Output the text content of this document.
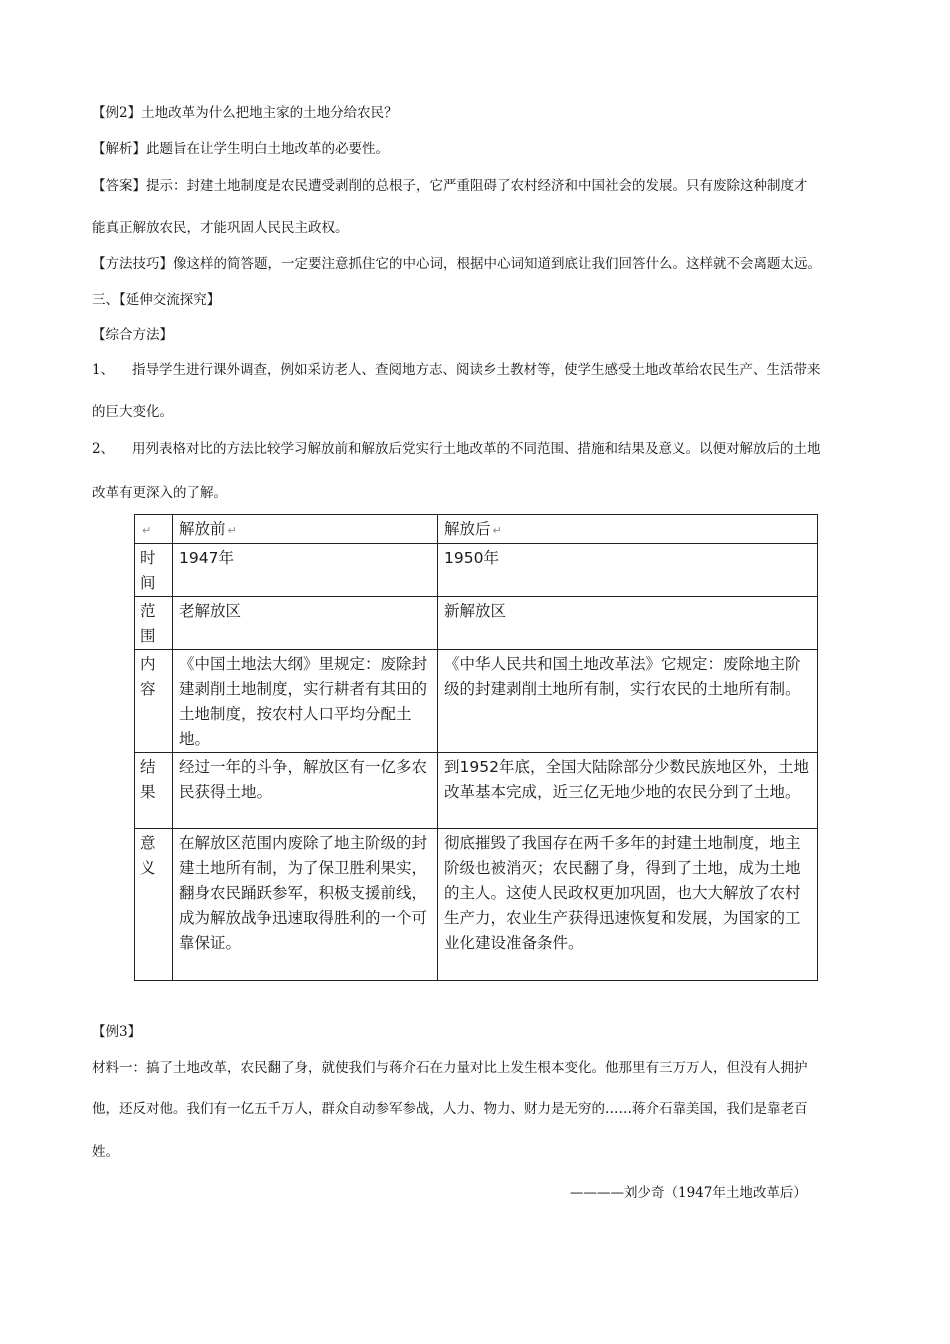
【例2】土地改革为什么把地主家的土地分给农民？
【解析】此题旨在让学生明白土地改革的必要性。
【答案】提示：封建土地制度是农民遭受剥削的总根子，它严重阻碍了农村经济和中国社会的发展。只有废除这种制度才
能真正解放农民，才能巩固人民民主政权。
【方法技巧】像这样的简答题，一定要注意抓住它的中心词，根据中心词知道到底让我们回答什么。这样就不会离题太远。
三、【延伸交流探究】
【综合方法】
1、 指导学生进行课外调查，例如采访老人、查阅地方志、阅读乡土教材等，使学生感受土地改革给农民生产、生活带来
的巨大变化。
2、 用列表格对比的方法比较学习解放前和解放后党实行土地改革的不同范围、措施和结果及意义。以便对解放后的土地
改革有更深入的了解。
↵	解放前 ↵	解放后 ↵
时间	1947年	1950年
范围	老解放区	新解放区
内容	《中国土地法大纲》里规定：废除封建剥削土地制度，实行耕者有其田的土地制度，按农村人口平均分配土地。	《中华人民共和国土地改革法》它规定：废除地主阶级的封建剥削土地所有制，实行农民的土地所有制。
结果	经过一年的斗争，解放区有一亿多农民获得土地。	到1952年底，全国大陆除部分少数民族地区外，土地改革基本完成，近三亿无地少地的农民分到了土地。
意义	在解放区范围内废除了地主阶级的封建土地所有制，为了保卫胜利果实，翻身农民踊跃参军，积极支援前线，成为解放战争迅速取得胜利的一个可靠保证。	彻底摧毁了我国存在两千多年的封建土地制度，地主阶级也被消灭；农民翻了身，得到了土地，成为土地的主人。这使人民政权更加巩固，也大大解放了农村生产力，农业生产获得迅速恢复和发展，为国家的工业化建设准备条件。
【例3】
材料一：搞了土地改革，农民翻了身，就使我们与蒋介石在力量对比上发生根本变化。他那里有三万万人，但没有人拥护
他，还反对他。我们有一亿五千万人，群众自动参军参战，人力、物力、财力是无穷的……蒋介石靠美国，我们是靠老百
姓。
————刘少奇（1947年土地改革后）
